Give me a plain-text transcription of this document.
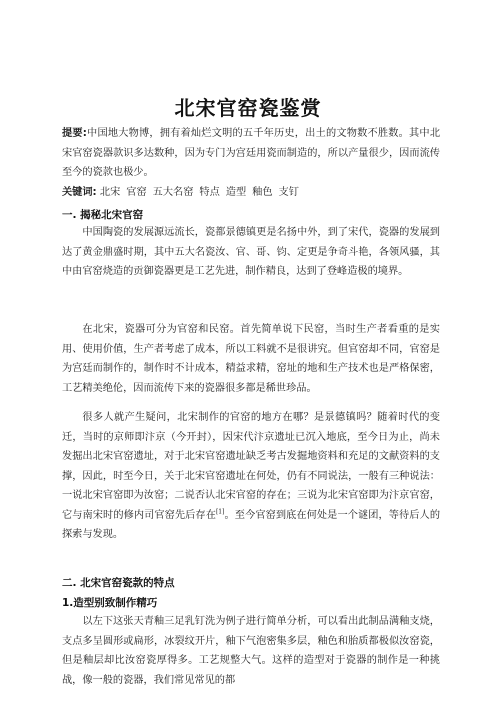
北宋官窑瓷鉴赏
提要:中国地大物博，拥有着灿烂文明的五千年历史，出土的文物数不胜数。其中北宋官窑瓷器款识多达数种，因为专门为宫廷用瓷而制造的，所以产量很少，因而流传至今的瓷款也极少。
关键词: 北宋 官窑 五大名窑 特点 造型 釉色 支钉
一. 揭秘北宋官窑
中国陶瓷的发展源远流长，瓷都景德镇更是名扬中外，到了宋代，瓷器的发展到达了黄金鼎盛时期，其中五大名瓷汝、官、哥、钧、定更是争奇斗艳，各领风骚，其中由官窑烧造的贡御瓷器更是工艺先进，制作精良，达到了登峰造极的境界。
在北宋，瓷器可分为官窑和民窑。首先简单说下民窑，当时生产者看重的是实用、使用价值，生产者考虑了成本，所以工料就不是很讲究。但官窑却不同，官窑是为宫廷而制作的，制作时不计成本，精益求精，窑址的地和生产技术也是严格保密，工艺精美绝伦，因而流传下来的瓷器很多都是稀世珍品。
很多人就产生疑问，北宋制作的官窑的地方在哪？是景德镇吗？随着时代的变迁，当时的京师即汴京（今开封），因宋代汴京遗址已沉入地底，至今日为止，尚未发掘出北宋官窑遗址，对于北宋官窑遗址缺乏考古发掘地资料和充足的文献资料的支撑，因此，时至今日，关于北宋官窑遗址在何处，仍有不同说法，一般有三种说法：一说北宋官窑即为汝窑；二说否认北宋官窑的存在；三说为北宋官窑即为汴京官窑，它与南宋时的修内司官窑先后存在[1]。至今官窑到底在何处是一个谜团，等待后人的探索与发现。
二. 北宋官窑瓷款的特点
1.造型别致制作精巧
以左下这张天青釉三足乳钉洗为例子进行简单分析，可以看出此制品满釉支烧，支点多呈圆形或扁形，冰裂纹开片，釉下气泡密集多层，釉色和胎质都极似汝窑瓷，但是釉层却比汝窑瓷厚得多。工艺规整大气。这样的造型对于瓷器的制作是一种挑战，像一般的瓷器，我们常见常见的都
